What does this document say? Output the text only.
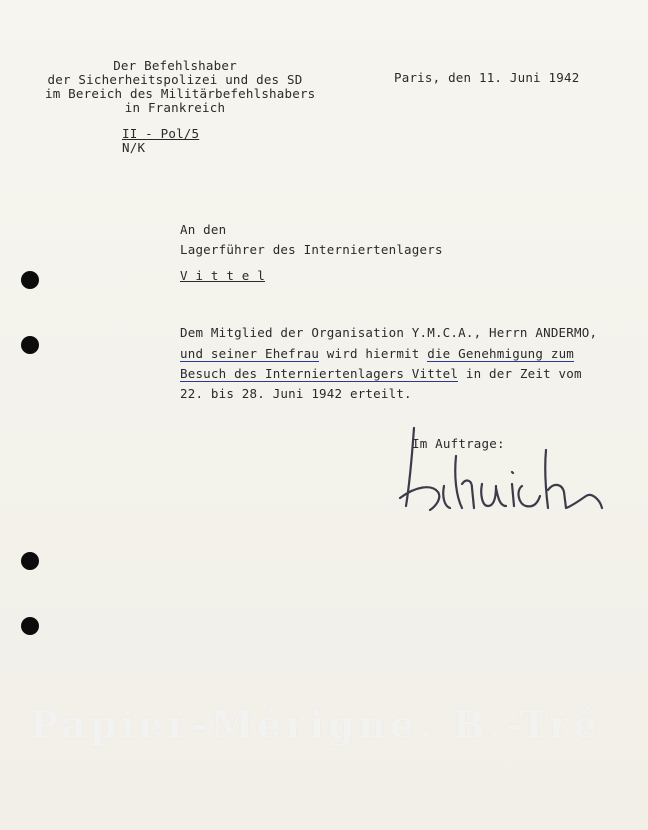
Der Befehlshaber
der Sicherheitspolizei und des SD
im Bereich des Militärbefehlshabers
in Frankreich
Paris, den 11. Juni 1942
II - Pol/5
N/K
An den
Lagerführer des Interniertenlagers
V i t t e l
Dem Mitglied der Organisation Y.M.C.A., Herrn ANDERMO,
und seiner Ehefrau wird hiermit die Genehmigung zum
Besuch des Interniertenlagers Vittel in der Zeit vom
22. bis 28. Juni 1942 erteilt.
Im Auftrage:
Papier-Mérigne. B.-Tré
